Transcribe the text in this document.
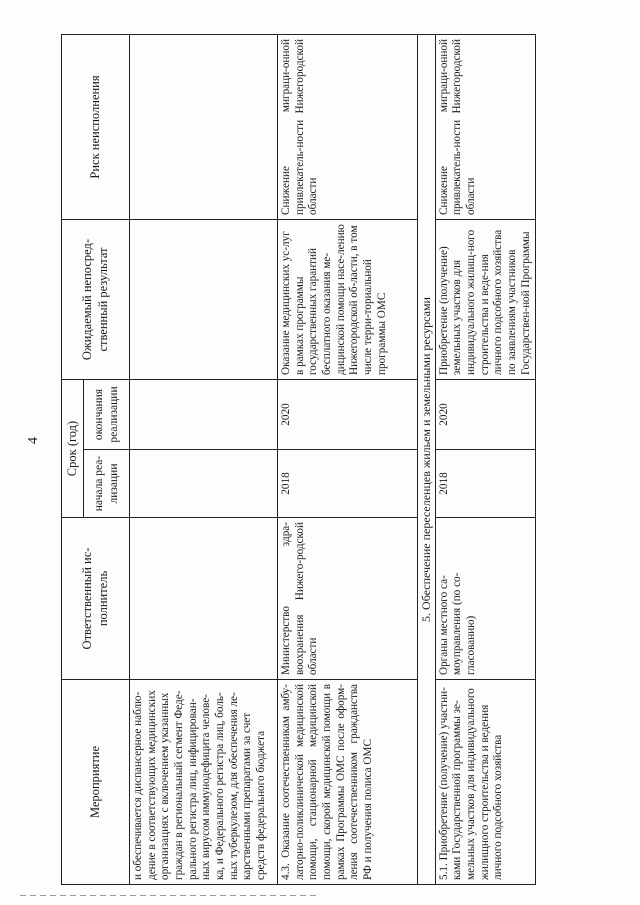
4
Мероприятие	Ответственный ис-полнитель	Срок (год)		Ожидаемый непосред-ственный результат	Риск неисполнения
		начала реа-лизации	окончания реализации		
и обеспечивается диспансерное наблю-дение в соответствующих медицинских организациях с включением указанных граждан в региональный сегмент Феде-рального регистра лиц, инфицирован-ных вирусом иммунодефицита челове-ка, и Федерального регистра лиц, боль-ных туберкулезом, для обеспечения ле-карственными препаратами за счет средств федерального бюджета					
4.3. Оказание соотечественникам амбу-латорно-поликлинической медицинской помощи, стационарной медицинской помощи, скорой медицинской помощи в рамках Программы ОМС после оформ-ления соотечественником гражданства РФ и получения полиса ОМС	Министерство здра-воохранения Нижего-родской области	2018	2020	Оказание медицинских ус-луг в рамках программы государственных гарантий бесплатного оказания ме-дицинской помощи насе-лению Нижегородской об-ласти, в том числе терри-ториальной программы ОМС	Снижение миграци-онной привлекатель-ности Нижегородской области
5. Обеспечение переселенцев жильем и земельными ресурсами					
5.1. Приобретение (получение) участни-ками Государственной программы зе-мельных участков для индивидуального жилищного строительства и ведения личного подсобного хозяйства	Органы местного са-моуправления (по со-гласованию)	2018	2020	Приобретение (получение) земельных участков для индивидуального жилищ-ного строительства и веде-ния личного подсобного хозяйства по заявлениям участников Государствен-ной Программы	Снижение миграци-онной привлекатель-ности Нижегородской области
